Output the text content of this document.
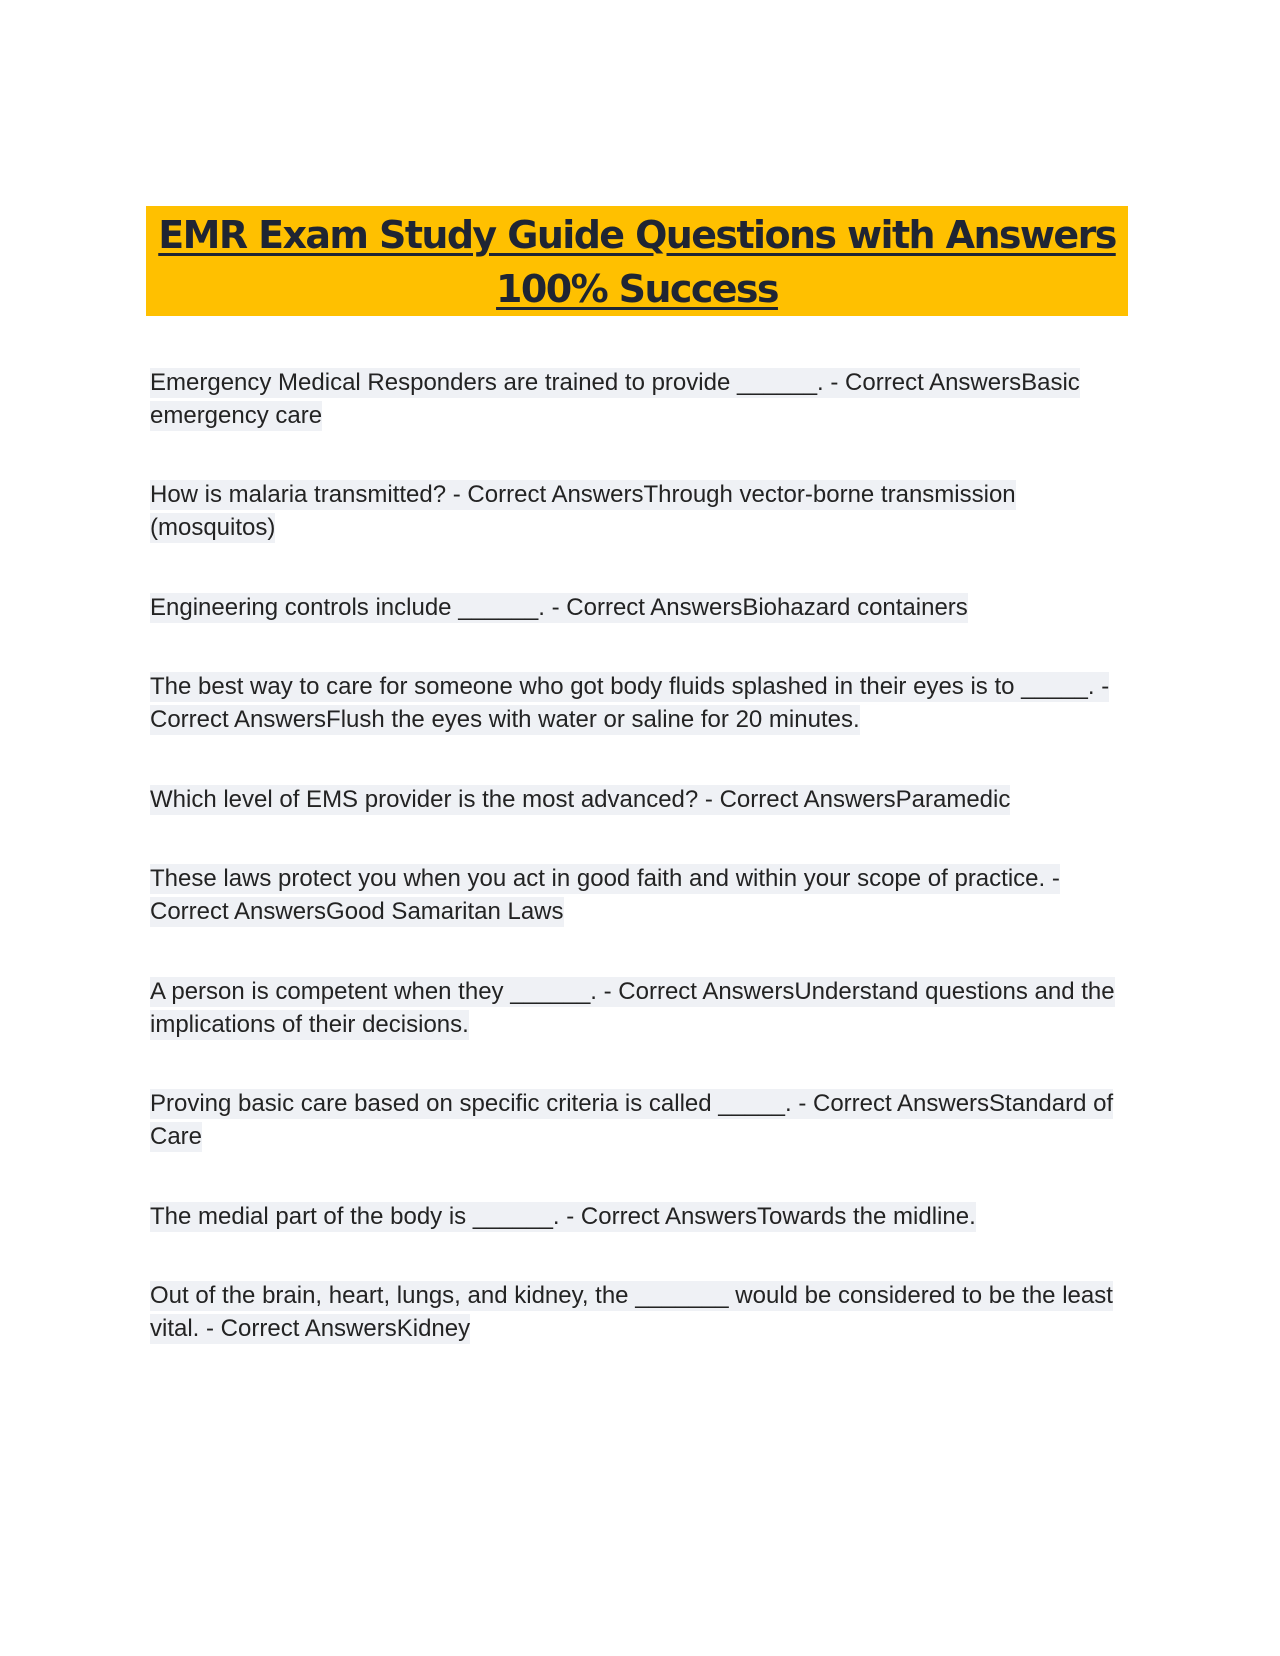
EMR Exam Study Guide Questions with Answers
100% Success

Emergency Medical Responders are trained to provide ______. - Correct AnswersBasic emergency care

How is malaria transmitted? - Correct AnswersThrough vector-borne transmission (mosquitos)

Engineering controls include ______. - Correct AnswersBiohazard containers

The best way to care for someone who got body fluids splashed in their eyes is to _____. - Correct AnswersFlush the eyes with water or saline for 20 minutes.

Which level of EMS provider is the most advanced? - Correct AnswersParamedic

These laws protect you when you act in good faith and within your scope of practice. - Correct AnswersGood Samaritan Laws

A person is competent when they ______. - Correct AnswersUnderstand questions and the implications of their decisions.

Proving basic care based on specific criteria is called _____. - Correct AnswersStandard of Care

The medial part of the body is ______. - Correct AnswersTowards the midline.

Out of the brain, heart, lungs, and kidney, the _______ would be considered to be the least vital. - Correct AnswersKidney
